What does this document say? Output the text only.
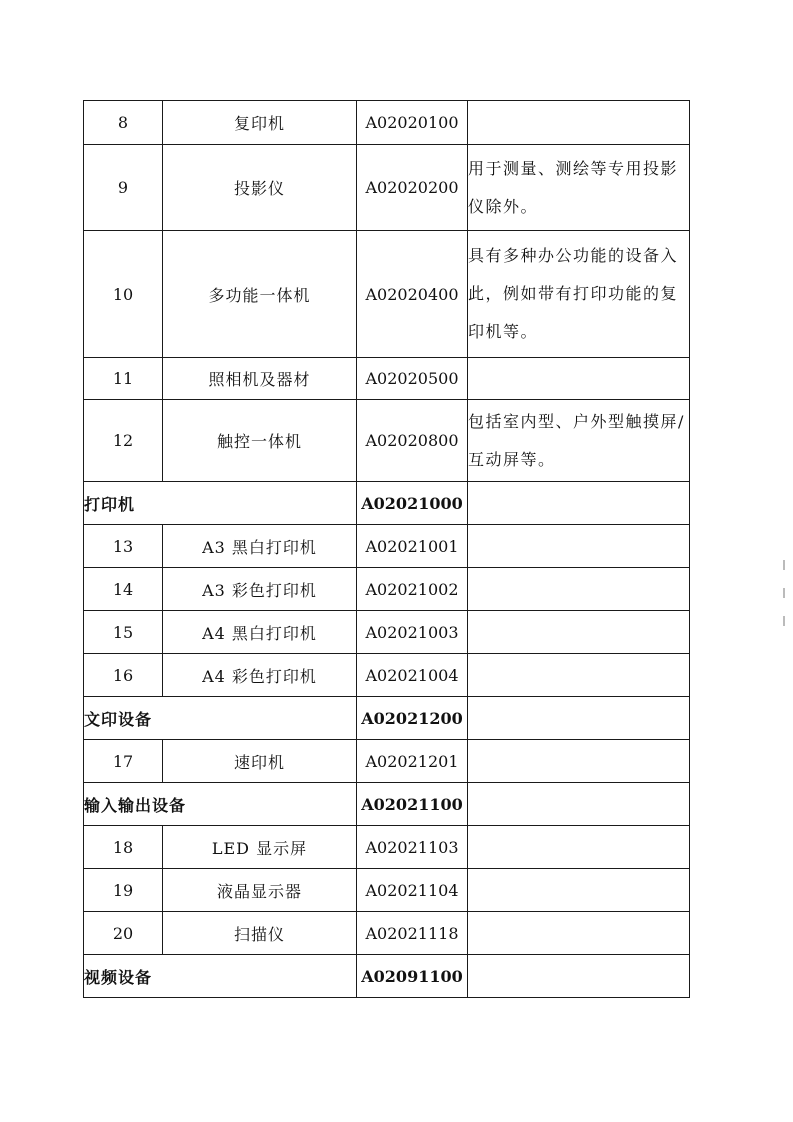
8	复印机	A02020100	
9	投影仪	A02020200	用于测量、测绘等专用投影仪除外。
10	多功能一体机	A02020400	具有多种办公功能的设备入此，例如带有打印功能的复印机等。
11	照相机及器材	A02020500	
12	触控一体机	A02020800	包括室内型、户外型触摸屏/互动屏等。
打印机		A02021000	
13	A3 黑白打印机	A02021001	
14	A3 彩色打印机	A02021002	
15	A4 黑白打印机	A02021003	
16	A4 彩色打印机	A02021004	
文印设备		A02021200	
17	速印机	A02021201	
输入输出设备		A02021100	
18	LED 显示屏	A02021103	
19	液晶显示器	A02021104	
20	扫描仪	A02021118	
视频设备		A02091100	
